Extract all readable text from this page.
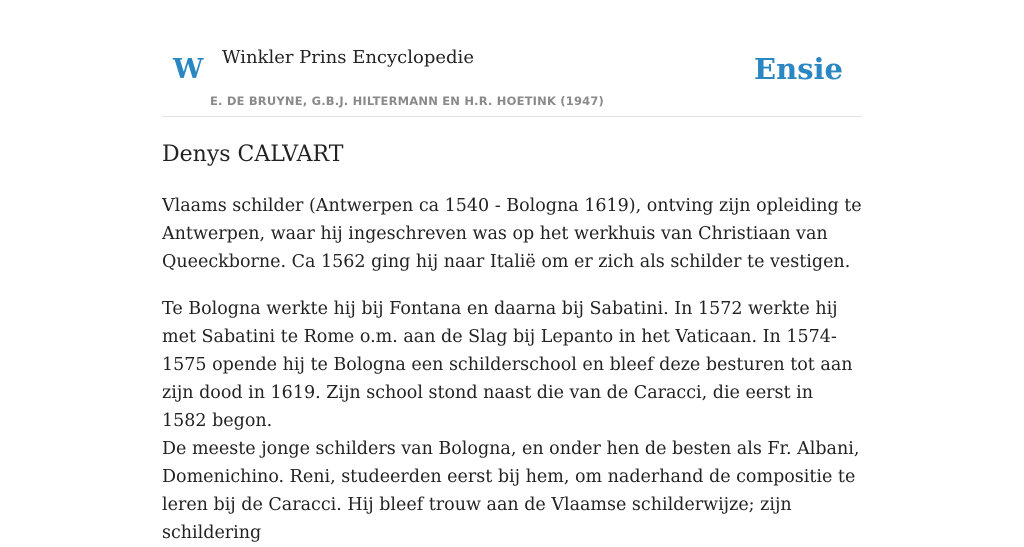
W Winkler Prins Encyclopedie	Ensie
E. DE BRUYNE, G.B.J. HILTERMANN EN H.R. HOETINK (1947)
Denys CALVART

Vlaams schilder (Antwerpen ca 1540 - Bologna 1619), ontving zijn opleiding te Antwerpen, waar hij ingeschreven was op het werkhuis van Christiaan van Queeckborne. Ca 1562 ging hij naar Italië om er zich als schilder te vestigen.

Te Bologna werkte hij bij Fontana en daarna bij Sabatini. In 1572 werkte hij met Sabatini te Rome o.m. aan de Slag bij Lepanto in het Vaticaan. In 1574-1575 opende hij te Bologna een schilderschool en bleef deze besturen tot aan zijn dood in 1619. Zijn school stond naast die van de Caracci, die eerst in 1582 begon.

De meeste jonge schilders van Bologna, en onder hen de besten als Fr. Albani, Domenichino. Reni, studeerden eerst bij hem, om naderhand de compositie te leren bij de Caracci. Hij bleef trouw aan de Vlaamse schilderwijze; zijn schildering
